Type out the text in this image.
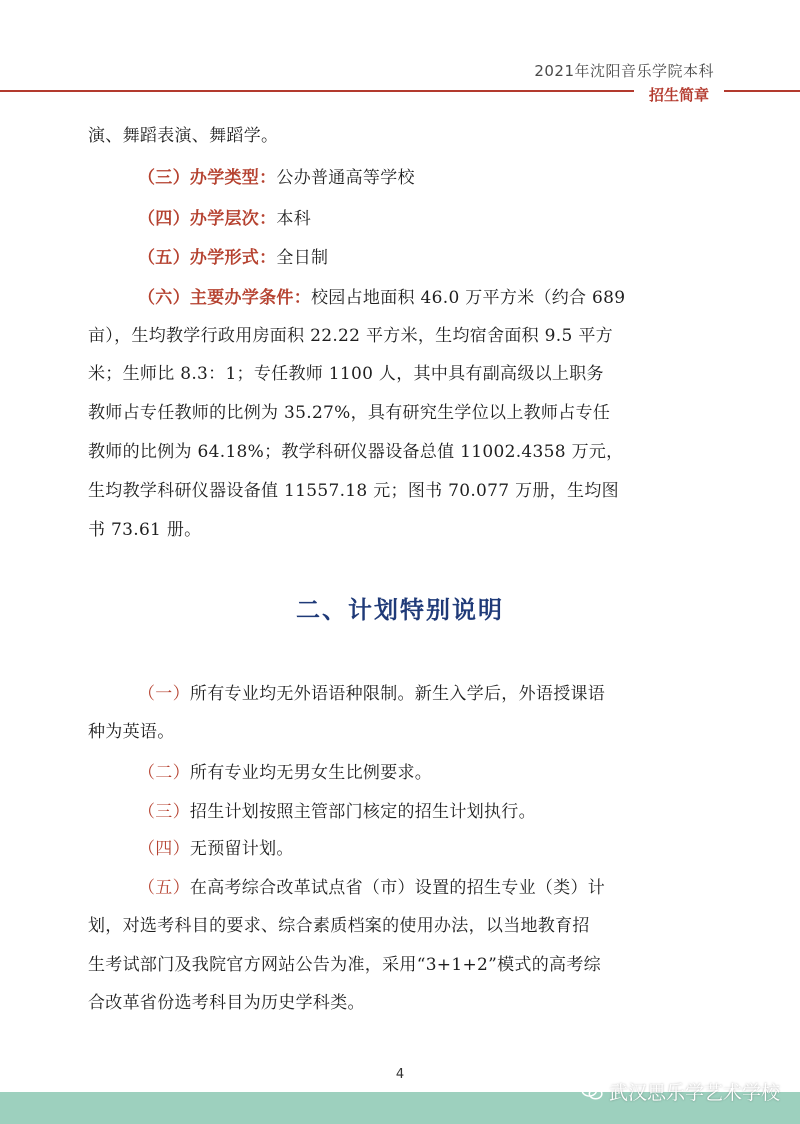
2021年沈阳音乐学院本科
招生简章
演、舞蹈表演、舞蹈学。
（三）办学类型：公办普通高等学校
（四）办学层次：本科
（五）办学形式：全日制
（六）主要办学条件：校园占地面积 46.0 万平方米（约合 689
亩），生均教学行政用房面积 22.22 平方米，生均宿舍面积 9.5 平方
米；生师比 8.3：1；专任教师 1100 人，其中具有副高级以上职务
教师占专任教师的比例为 35.27%，具有研究生学位以上教师占专任
教师的比例为 64.18%；教学科研仪器设备总值 11002.4358 万元，
生均教学科研仪器设备值 11557.18 元；图书 70.077 万册，生均图
书 73.61 册。
二、计划特别说明
（一）所有专业均无外语语种限制。新生入学后，外语授课语
种为英语。
（二）所有专业均无男女生比例要求。
（三）招生计划按照主管部门核定的招生计划执行。
（四）无预留计划。
（五）在高考综合改革试点省（市）设置的招生专业（类）计
划，对选考科目的要求、综合素质档案的使用办法，以当地教育招
生考试部门及我院官方网站公告为准，采用“3+1+2”模式的高考综
合改革省份选考科目为历史学科类。
4
武汉思乐学艺术学校
